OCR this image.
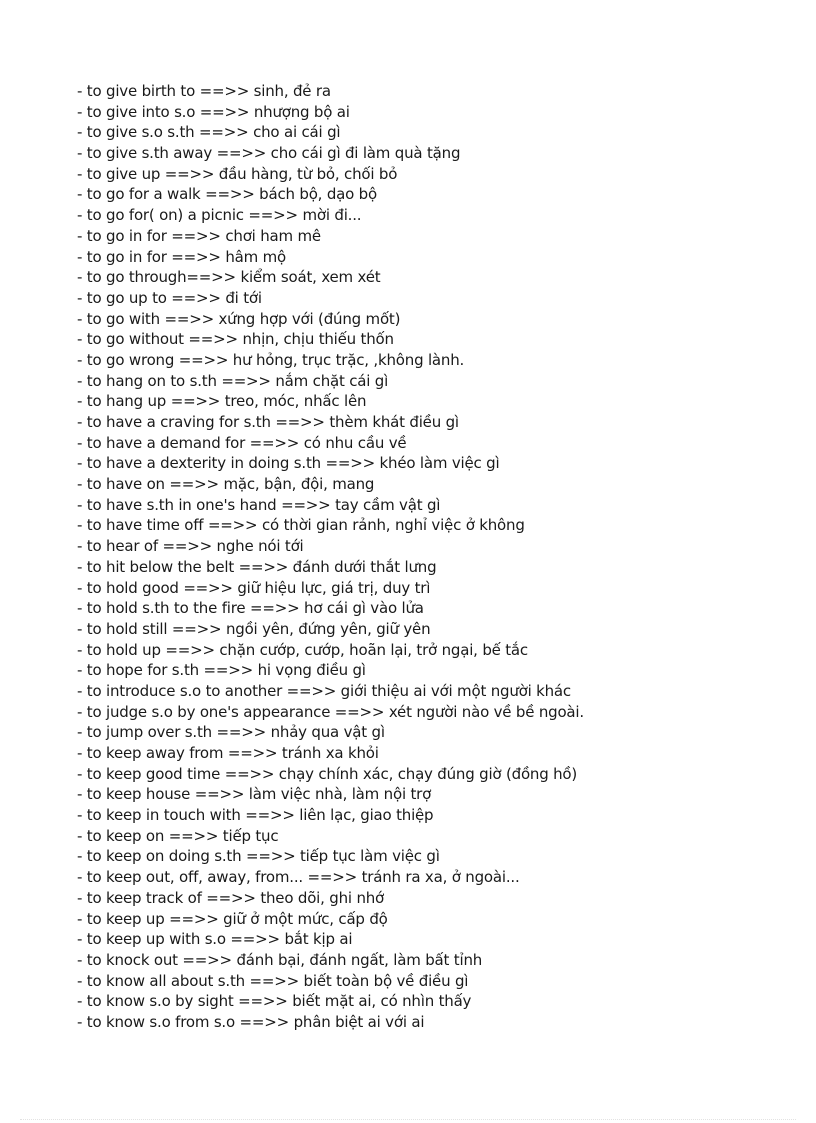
- to give birth to ==>> sinh, đẻ ra
- to give into s.o ==>> nhượng bộ ai
- to give s.o s.th ==>> cho ai cái gì
- to give s.th away ==>> cho cái gì đi làm quà tặng
- to give up ==>> đầu hàng, từ bỏ, chối bỏ
- to go for a walk ==>> bách bộ, dạo bộ
- to go for( on) a picnic ==>> mời đi...
- to go in for ==>> chơi ham mê
- to go in for ==>> hâm mộ
- to go through==>> kiểm soát, xem xét
- to go up to ==>> đi tới
- to go with ==>> xứng hợp với (đúng mốt)
- to go without ==>> nhịn, chịu thiếu thốn
- to go wrong ==>> hư hỏng, trục trặc, ,không lành.
- to hang on to s.th ==>> nắm chặt cái gì
- to hang up ==>> treo, móc, nhấc lên
- to have a craving for s.th ==>> thèm khát điều gì
- to have a demand for ==>> có nhu cầu về
- to have a dexterity in doing s.th ==>> khéo làm việc gì
- to have on ==>> mặc, bận, đội, mang
- to have s.th in one's hand ==>> tay cầm vật gì
- to have time off ==>> có thời gian rảnh, nghỉ việc ở không
- to hear of ==>> nghe nói tới
- to hit below the belt ==>> đánh dưới thắt lưng
- to hold good ==>> giữ hiệu lực, giá trị, duy trì
- to hold s.th to the fire ==>> hơ cái gì vào lửa
- to hold still ==>> ngồi yên, đứng yên, giữ yên
- to hold up ==>> chặn cướp, cướp, hoãn lại, trở ngại, bế tắc
- to hope for s.th ==>> hi vọng điều gì
- to introduce s.o to another ==>> giới thiệu ai với một người khác
- to judge s.o by one's appearance ==>> xét người nào về bề ngoài.
- to jump over s.th ==>> nhảy qua vật gì
- to keep away from ==>> tránh xa khỏi
- to keep good time ==>> chạy chính xác, chạy đúng giờ (đồng hồ)
- to keep house ==>> làm việc nhà, làm nội trợ
- to keep in touch with ==>> liên lạc, giao thiệp
- to keep on ==>> tiếp tục
- to keep on doing s.th ==>> tiếp tục làm việc gì
- to keep out, off, away, from... ==>> tránh ra xa, ở ngoài...
- to keep track of ==>> theo dõi, ghi nhớ
- to keep up ==>> giữ ở một mức, cấp độ
- to keep up with s.o ==>> bắt kịp ai
- to knock out ==>> đánh bại, đánh ngất, làm bất tỉnh
- to know all about s.th ==>> biết toàn bộ về điều gì
- to know s.o by sight ==>> biết mặt ai, có nhìn thấy
- to know s.o from s.o ==>> phân biệt ai với ai
